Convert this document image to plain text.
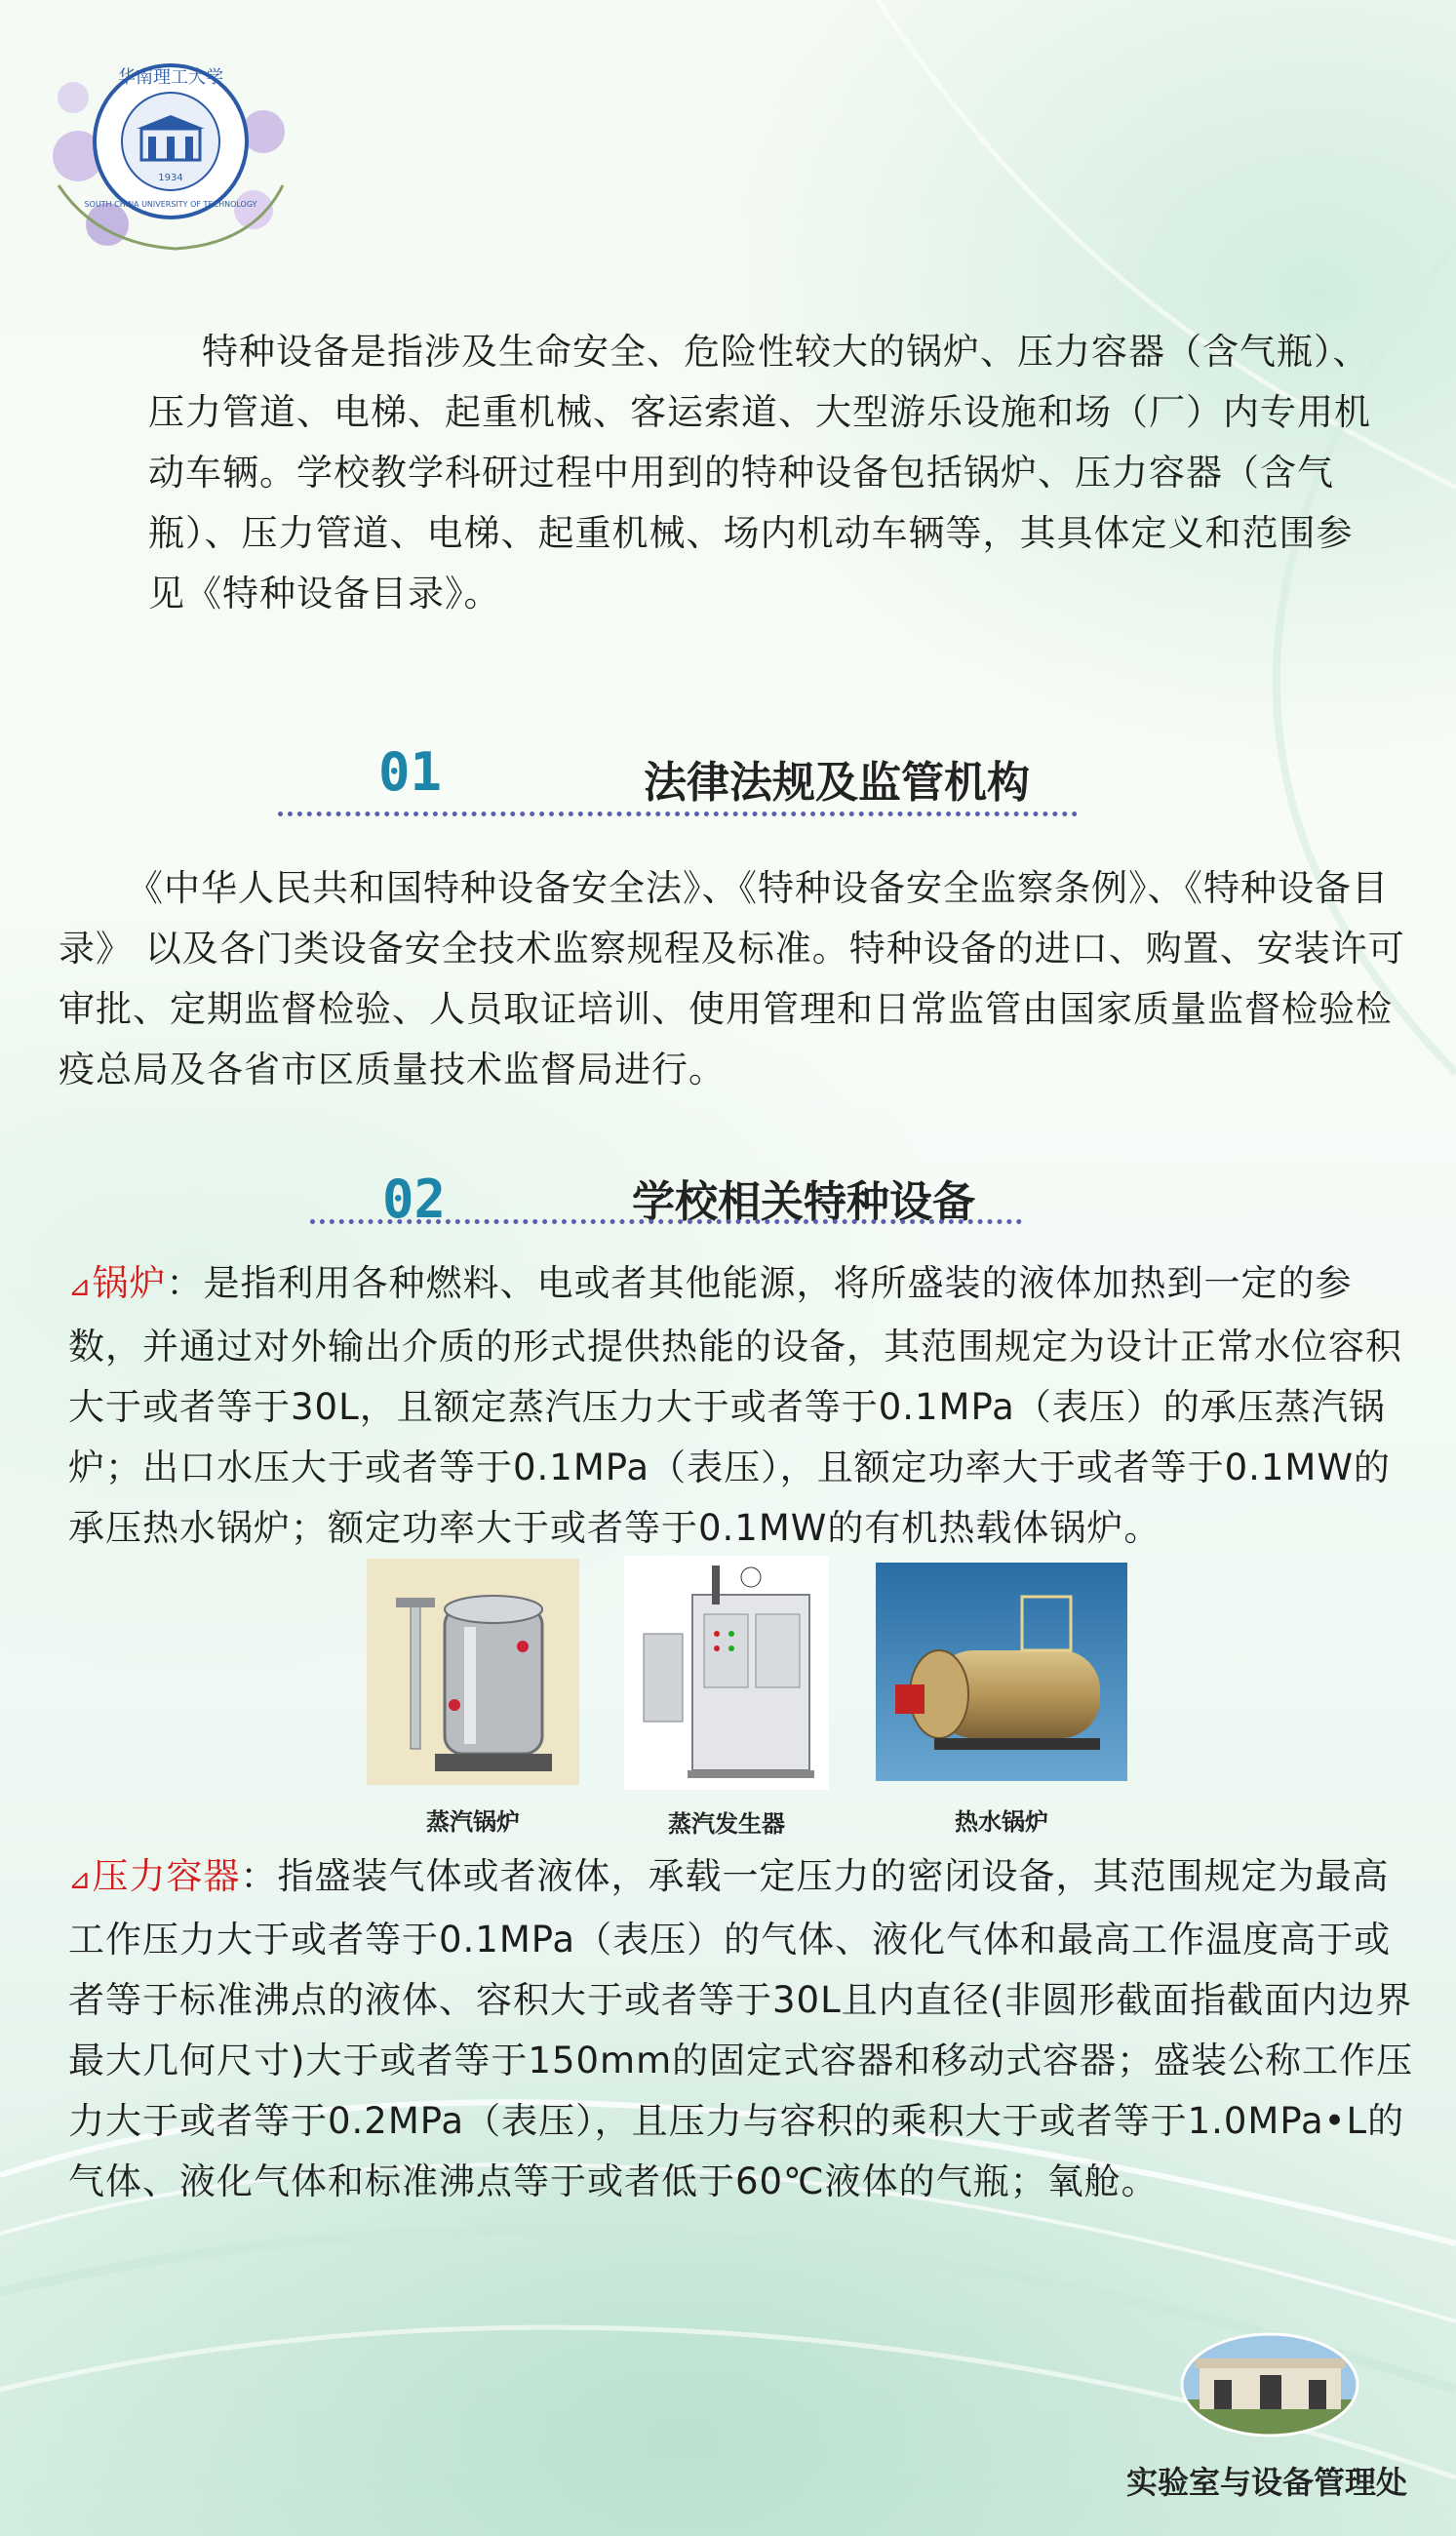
华南理工大学
SOUTH CHINA UNIVERSITY OF TECHNOLOGY
1934

特种设备是指涉及生命安全、危险性较大的锅炉、压力容器（含气瓶）、压力管道、电梯、起重机械、客运索道、大型游乐设施和场（厂）内专用机动车辆。学校教学科研过程中用到的特种设备包括锅炉、压力容器（含气瓶）、压力管道、电梯、起重机械、场内机动车辆等，其具体定义和范围参见《特种设备目录》。

01	法律法规及监管机构

《中华人民共和国特种设备安全法》、《特种设备安全监察条例》、《特种设备目录》 以及各门类设备安全技术监察规程及标准。特种设备的进口、购置、安装许可审批、定期监督检验、人员取证培训、使用管理和日常监管由国家质量监督检验检疫总局及各省市区质量技术监督局进行。

02	学校相关特种设备

⊿锅炉：是指利用各种燃料、电或者其他能源，将所盛装的液体加热到一定的参数，并通过对外输出介质的形式提供热能的设备，其范围规定为设计正常水位容积大于或者等于30L，且额定蒸汽压力大于或者等于0.1MPa（表压）的承压蒸汽锅炉；出口水压大于或者等于0.1MPa（表压），且额定功率大于或者等于0.1MW的承压热水锅炉；额定功率大于或者等于0.1MW的有机热载体锅炉。

蒸汽锅炉	蒸汽发生器	热水锅炉

⊿压力容器：指盛装气体或者液体，承载一定压力的密闭设备，其范围规定为最高工作压力大于或者等于0.1MPa（表压）的气体、液化气体和最高工作温度高于或者等于标准沸点的液体、容积大于或者等于30L且内直径(非圆形截面指截面内边界最大几何尺寸)大于或者等于150mm的固定式容器和移动式容器；盛装公称工作压力大于或者等于0.2MPa（表压），且压力与容积的乘积大于或者等于1.0MPa•L的气体、液化气体和标准沸点等于或者低于60℃液体的气瓶；氧舱。

实验室与设备管理处
